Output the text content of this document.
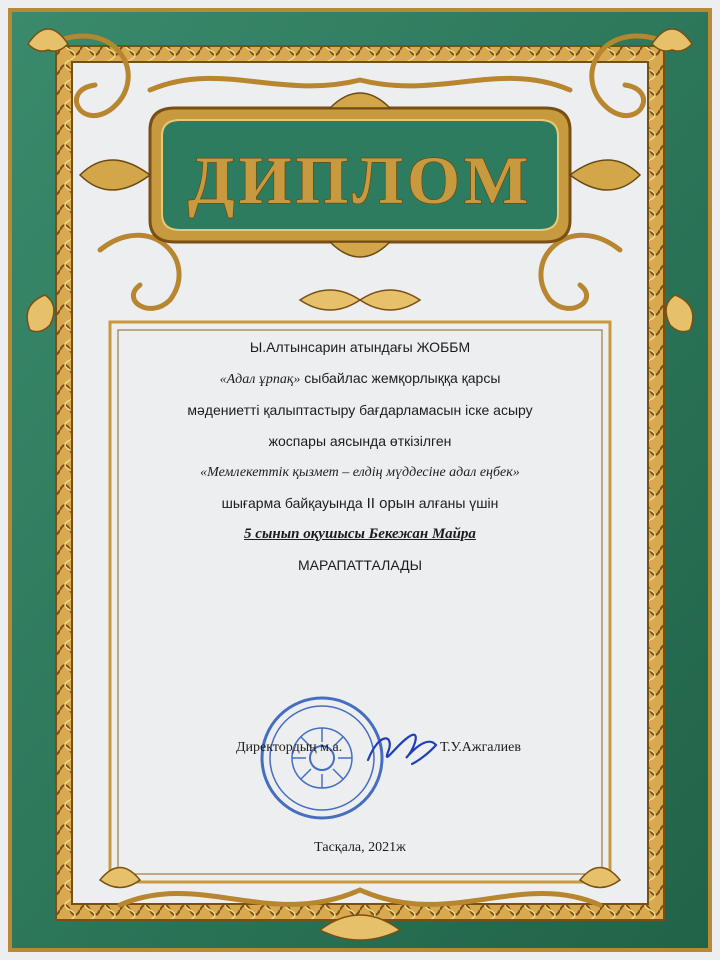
ДИПЛОМ

Ы.Алтынсарин атындағы ЖОББМ

«Адал ұрпақ» сыбайлас жемқорлыққа қарсы

мәдениетті қалыптастыру бағдарламасын іске асыру

жоспары аясында өткізілген

«Мемлекеттік қызмет – елдің мүддесіне адал еңбек»

шығарма байқауында II орын алғаны үшін

5 сынып оқушысы Бекежан Майра

МАРАПАТТАЛАДЫ

Директордың м.а.	Т.У.Ажгалиев
Тасқала, 2021ж
